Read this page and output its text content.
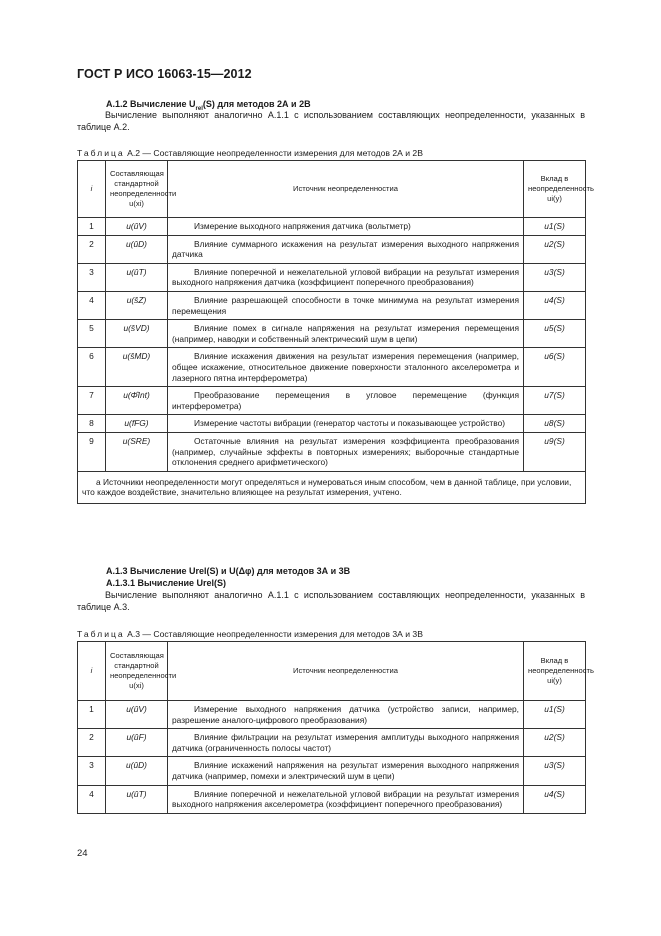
ГОСТ Р ИСО 16063-15—2012
А.1.2 Вычисление $U_{rel}(S)$ для методов 2А и 2В
Вычисление выполняют аналогично А.1.1 с использованием составляющих неопределенности, указанных в таблице А.2.
Таблица А.2 — Составляющие неопределенности измерения для методов 2А и 2В
i	Составляющая стандартной неопределенности u(xi)	Источник неопределенностиа	Вклад в неопределенность ui(y)
1	u(ûV)	Измерение выходного напряжения датчика (вольтметр)	u1(S)
2	u(ûD)	Влияние суммарного искажения на результат измерения выходного напряжения датчика	u2(S)
3	u(ûT)	Влияние поперечной и нежелательной угловой вибрации на результат измерения выходного напряжения датчика (коэффициент поперечного преобразования)	u3(S)
4	u(ŝZ)	Влияние разрешающей способности в точке минимума на результат измерения перемещения	u4(S)
5	u(ŝVD)	Влияние помех в сигнале напряжения на результат измерения перемещения (например, наводки и собственный электрический шум в цепи)	u5(S)
6	u(ŝMD)	Влияние искажения движения на результат измерения перемещения (например, общее искажение, относительное движение поверхности эталонного акселерометра и лазерного пятна интерферометра)	u6(S)
7	u(Φ̂Int)	Преобразование перемещения в угловое перемещение (функция интерферометра)	u7(S)
8	u(fFG)	Измерение частоты вибрации (генератор частоты и показывающее устройство)	u8(S)
9	u(SRE)	Остаточные влияния на результат измерения коэффициента преобразования (например, случайные эффекты в повторных измерениях; выборочные стандартные отклонения среднего арифметического)	u9(S)
а Источники неопределенности могут определяться и нумероваться иным способом, чем в данной таблице, при условии, что каждое воздействие, значительно влияющее на результат измерения, учтено.			
А.1.3 Вычисление Urel(S) и U(Δφ) для методов 3А и 3В
А.1.3.1 Вычисление Urel(S)
Вычисление выполняют аналогично А.1.1 с использованием составляющих неопределенности, указанных в таблице А.3.
Таблица А.3 — Составляющие неопределенности измерения для методов 3А и 3В
i	Составляющая стандартной неопределенности u(xi)	Источник неопределенностиа	Вклад в неопределенность ui(y)
1	u(ûV)	Измерение выходного напряжения датчика (устройство записи, например, разрешение аналого-цифрового преобразования)	u1(S)
2	u(ûF)	Влияние фильтрации на результат измерения амплитуды выходного напряжения датчика (ограниченность полосы частот)	u2(S)
3	u(ûD)	Влияние искажений напряжения на результат измерения выходного напряжения датчика (например, помехи и электрический шум в цепи)	u3(S)
4	u(ûT)	Влияние поперечной и нежелательной угловой вибрации на результат измерения выходного напряжения акселерометра (коэффициент поперечного преобразования)	u4(S)
24
